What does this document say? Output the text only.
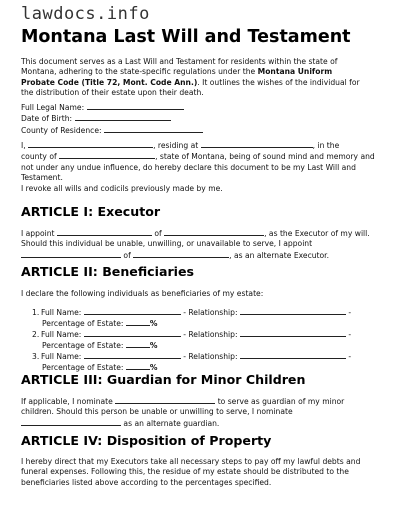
lawdocs.info
Montana Last Will and Testament

This document serves as a Last Will and Testament for residents within the state of

Montana, adhering to the state-specific regulations under the Montana Uniform

Probate Code (Title 72, Mont. Code Ann.). It outlines the wishes of the individual for

the distribution of their estate upon their death.

Full Legal Name:

Date of Birth:

County of Residence:

I,	, residing at	, in the

county of	, state of Montana, being of sound mind and memory and

not under any undue influence, do hereby declare this document to be my Last Will and

Testament.

I revoke all wills and codicils previously made by me.

ARTICLE I: Executor

I appoint	of	, as the Executor of my will.

Should this individual be unable, unwilling, or unavailable to serve, I appoint

of	, as an alternate Executor.

ARTICLE II: Beneficiaries

I declare the following individuals as beneficiaries of my estate:

1. Full Name:	- Relationship:	-

Percentage of Estate:	%

2. Full Name:	- Relationship:	-

Percentage of Estate:	%

3. Full Name:	- Relationship:	-

Percentage of Estate:	%

ARTICLE III: Guardian for Minor Children

If applicable, I nominate	to serve as guardian of my minor

children. Should this person be unable or unwilling to serve, I nominate

as an alternate guardian.

ARTICLE IV: Disposition of Property

I hereby direct that my Executors take all necessary steps to pay off my lawful debts and

funeral expenses. Following this, the residue of my estate should be distributed to the

beneficiaries listed above according to the percentages specified.
